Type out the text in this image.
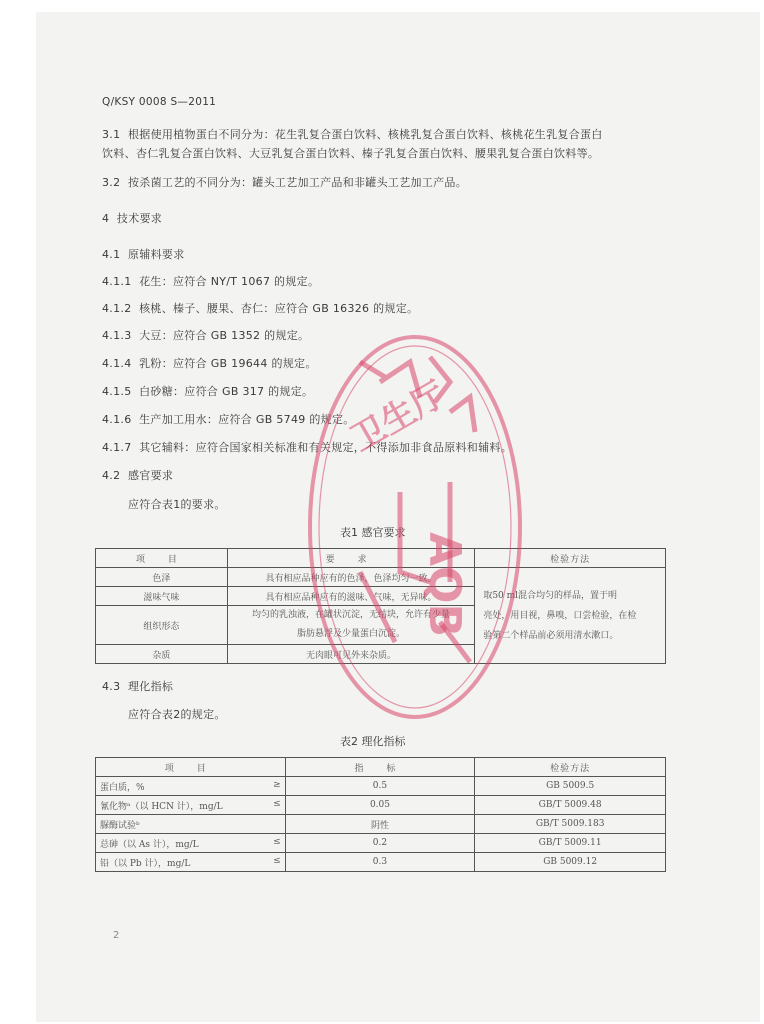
Q/KSY 0008 S—2011
3.1 根据使用植物蛋白不同分为：花生乳复合蛋白饮料、核桃乳复合蛋白饮料、核桃花生乳复合蛋白
饮料、杏仁乳复合蛋白饮料、大豆乳复合蛋白饮料、榛子乳复合蛋白饮料、腰果乳复合蛋白饮料等。
3.2 按杀菌工艺的不同分为：罐头工艺加工产品和非罐头工艺加工产品。
4 技术要求
4.1 原辅料要求
4.1.1 花生：应符合 NY/T 1067 的规定。
4.1.2 核桃、榛子、腰果、杏仁：应符合 GB 16326 的规定。
4.1.3 大豆：应符合 GB 1352 的规定。
4.1.4 乳粉：应符合 GB 19644 的规定。
4.1.5 白砂糖：应符合 GB 317 的规定。
4.1.6 生产加工用水：应符合 GB 5749 的规定。
4.1.7 其它辅料：应符合国家相关标准和有关规定，不得添加非食品原料和辅料。
4.2 感官要求
应符合表1的要求。
表1 感官要求
项 目	要 求	检验方法
色泽	具有相应品种应有的色泽，色泽均匀一致。	取50 ml混合均匀的样品，置于明
亮处，用目视，鼻嗅，口尝检验，在检
验第二个样品前必须用清水漱口。

滋味气味	具有相应品种应有的滋味、气味，无异味。	
组织形态	均匀的乳浊液，在罐状沉淀，无结块，允许有少量
脂肪悬浮及少量蛋白沉淀。	

杂质	无肉眼可见外来杂质。	
4.3 理化指标
应符合表2的规定。
表2 理化指标
项 目	指 标	检验方法
蛋白质，% ≥	0.5	GB 5009.5
氰化物ᵃ（以 HCN 计），mg/L ≤	0.05	GB/T 5009.48
脲酶试验ᵇ	阴性	GB/T 5009.183
总砷（以 As 计），mg/L ≤	0.2	GB/T 5009.11
铅（以 Pb 计），mg/L ≤	0.3	GB 5009.12
AQB
卫生厅
2
